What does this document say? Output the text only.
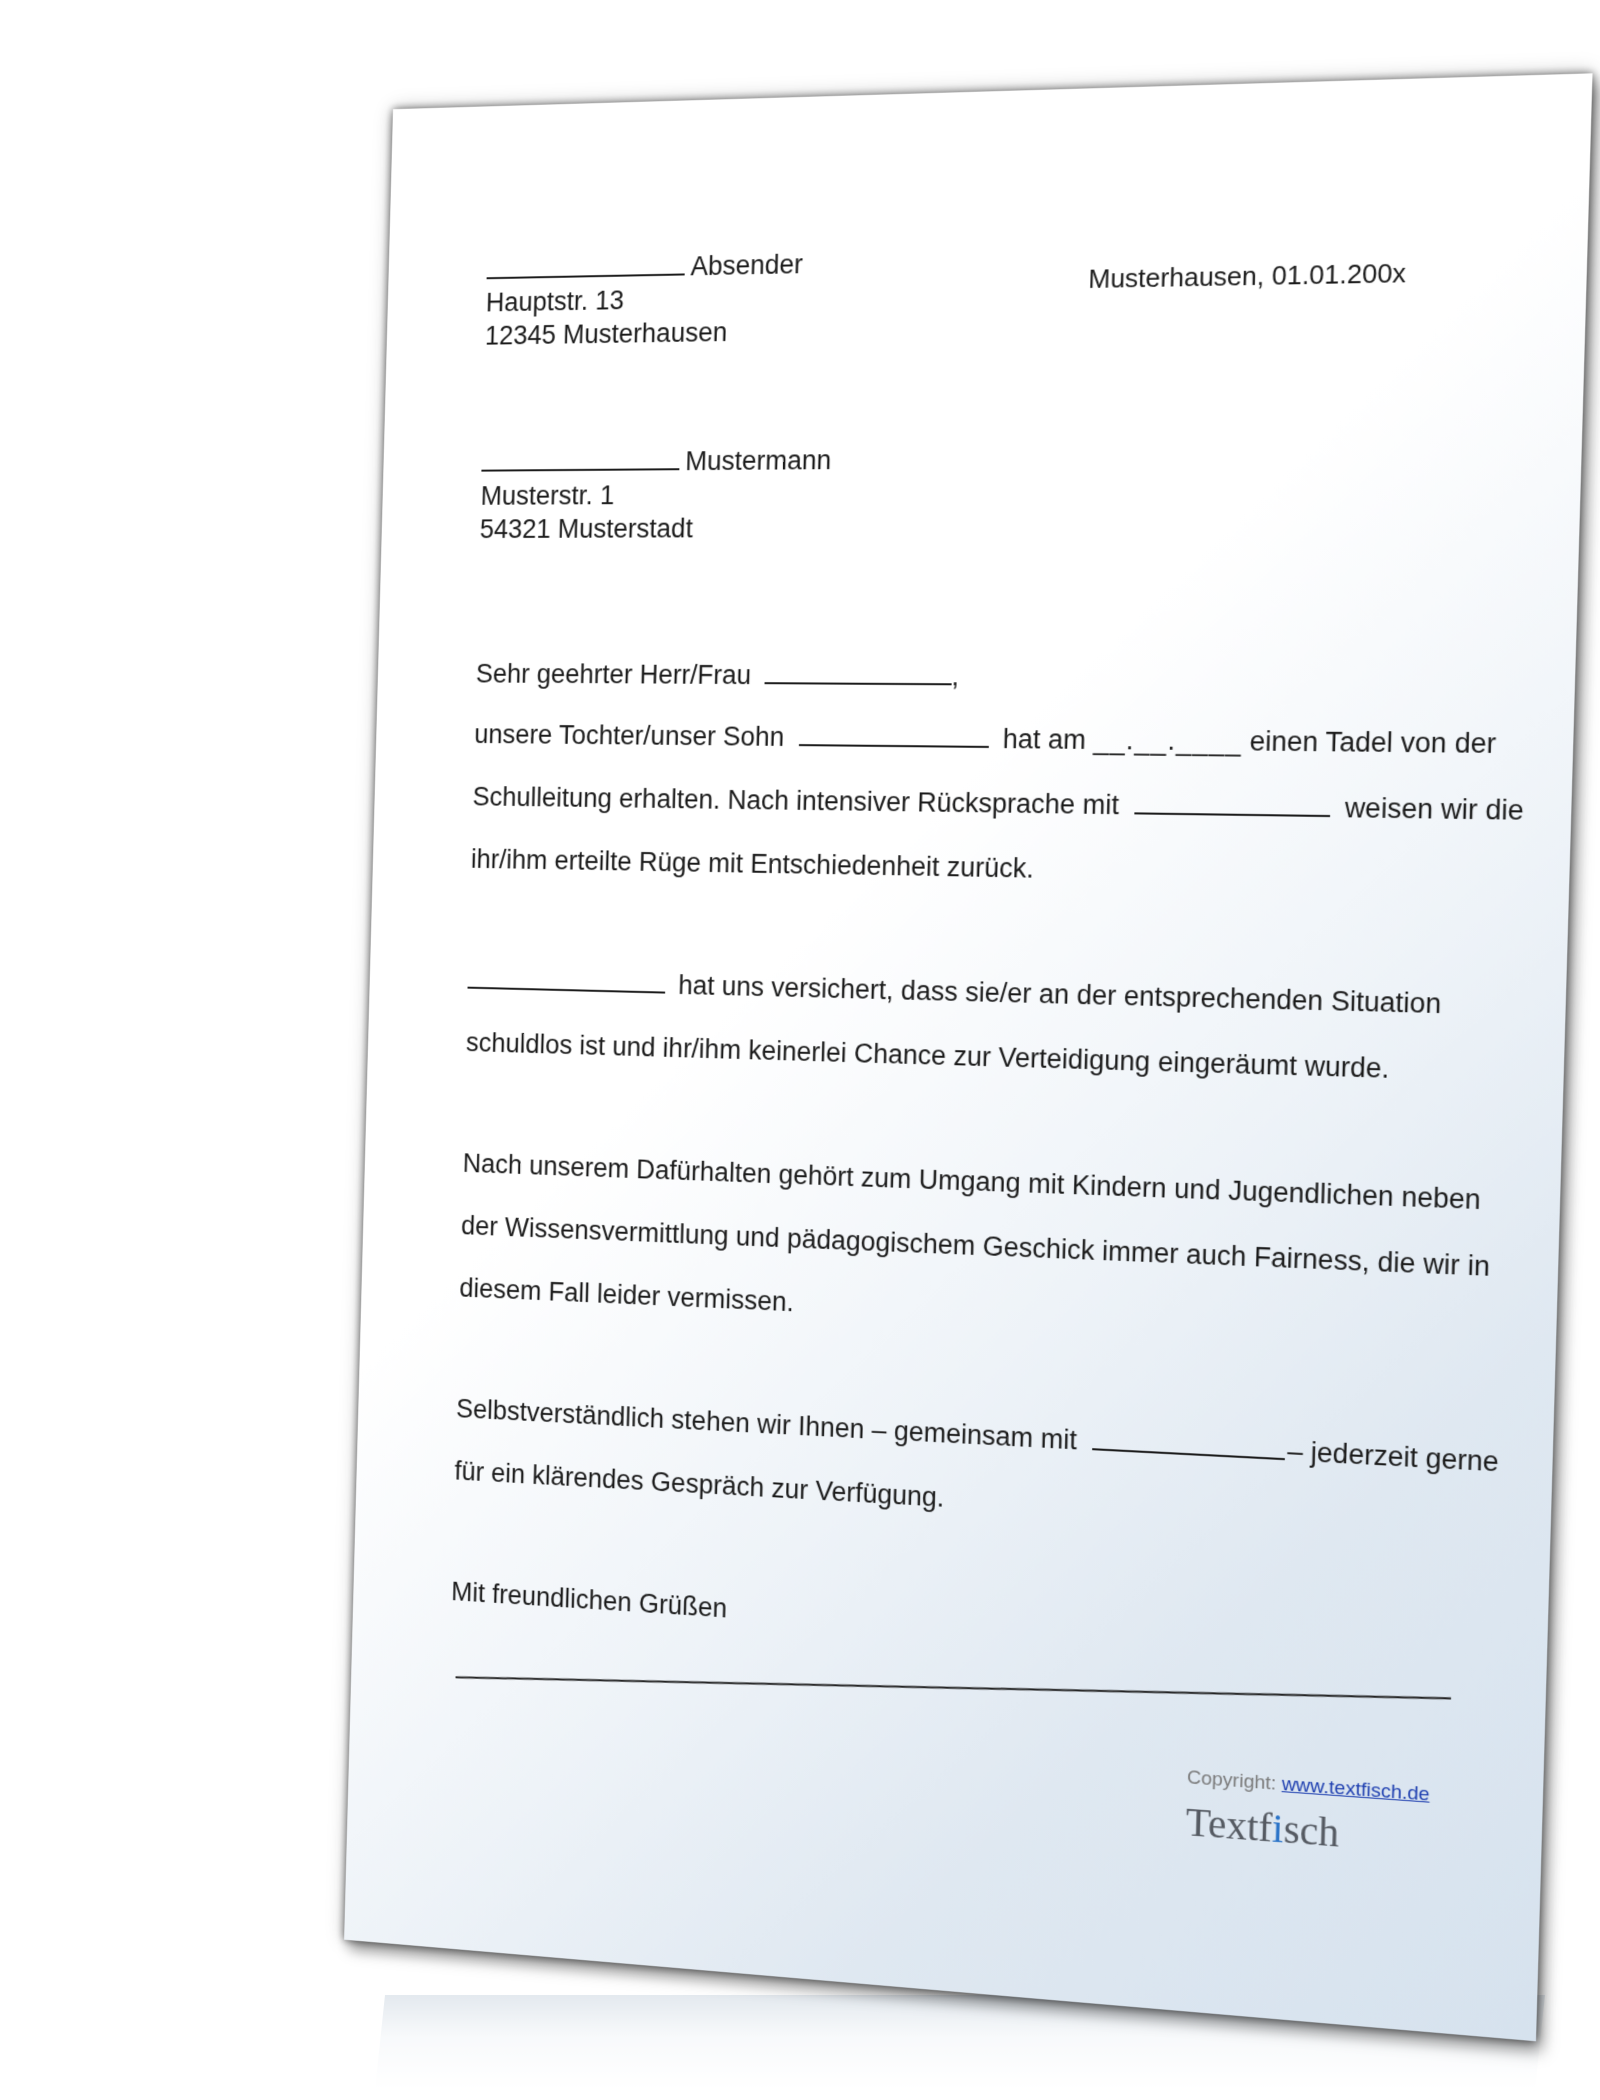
Absender
Hauptstr. 13
12345 Musterhausen
Musterhausen, 01.01.200x
Mustermann
Musterstr. 1
54321 Musterstadt
Sehr geehrter Herr/Frau	,
unsere Tochter/unser Sohn	hat am __.__.____ einen Tadel von der
Schulleitung erhalten. Nach intensiver Rücksprache mit	weisen wir die
ihr/ihm erteilte Rüge mit Entschiedenheit zurück.
hat uns versichert, dass sie/er an der entsprechenden Situation
schuldlos ist und ihr/ihm keinerlei Chance zur Verteidigung eingeräumt wurde.
Nach unserem Dafürhalten gehört zum Umgang mit Kindern und Jugendlichen neben
der Wissensvermittlung und pädagogischem Geschick immer auch Fairness, die wir in
diesem Fall leider vermissen.
Selbstverständlich stehen wir Ihnen – gemeinsam mit – jederzeit gerne
für ein klärendes Gespräch zur Verfügung.
Mit freundlichen Grüßen
Copyright: www.textfisch.de
Textfisch
